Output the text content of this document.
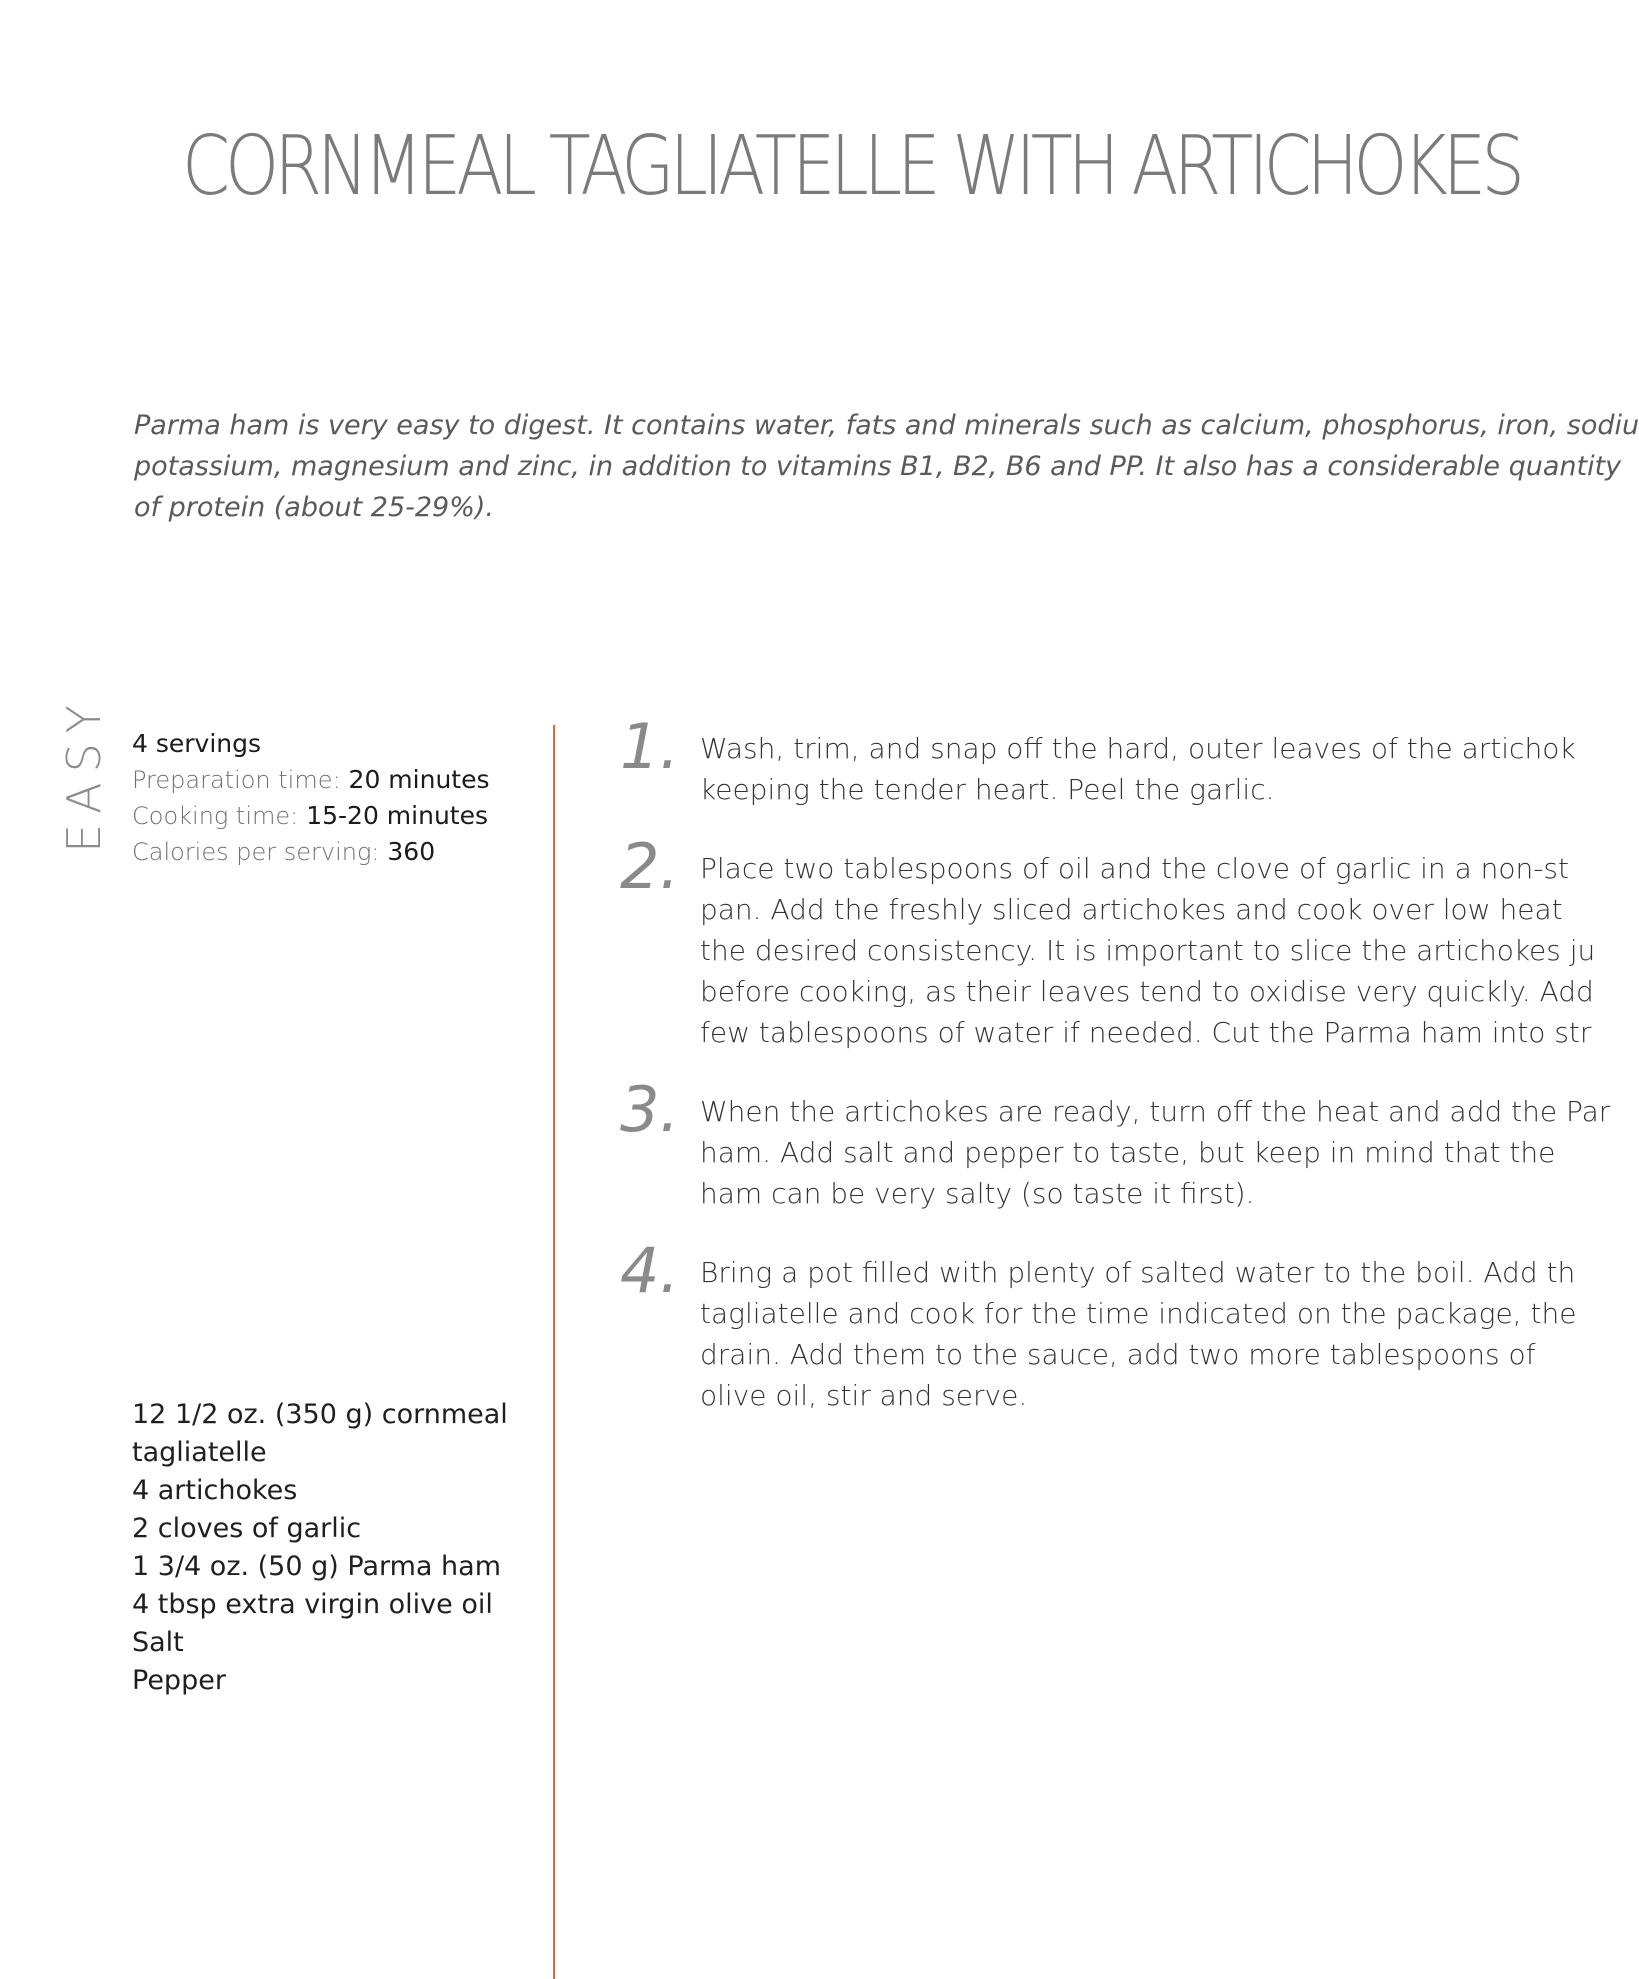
CORNMEAL TAGLIATELLE WITH ARTICHOKES
Parma ham is very easy to digest. It contains water, fats and minerals such as calcium, phosphorus, iron, sodiu
potassium, magnesium and zinc, in addition to vitamins B1, B2, B6 and PP. It also has a considerable quantity
of protein (about 25-29%).
EASY 4 servings
Preparation time: 20 minutes
Cooking time: 15-20 minutes
Calories per serving: 360
12 1/2 oz. (350 g) cornmeal
tagliatelle
4 artichokes
2 cloves of garlic
1 3/4 oz. (50 g) Parma ham
4 tbsp extra virgin olive oil
Salt
Pepper
1. Wash, trim, and snap off the hard, outer leaves of the artichok
keeping the tender heart. Peel the garlic.
2. Place two tablespoons of oil and the clove of garlic in a non-st
pan. Add the freshly sliced artichokes and cook over low heat
the desired consistency. It is important to slice the artichokes ju
before cooking, as their leaves tend to oxidise very quickly. Add
few tablespoons of water if needed. Cut the Parma ham into str
3. When the artichokes are ready, turn off the heat and add the Par
ham. Add salt and pepper to taste, but keep in mind that the
ham can be very salty (so taste it first).
4. Bring a pot filled with plenty of salted water to the boil. Add th
tagliatelle and cook for the time indicated on the package, the
drain. Add them to the sauce, add two more tablespoons of
olive oil, stir and serve.
